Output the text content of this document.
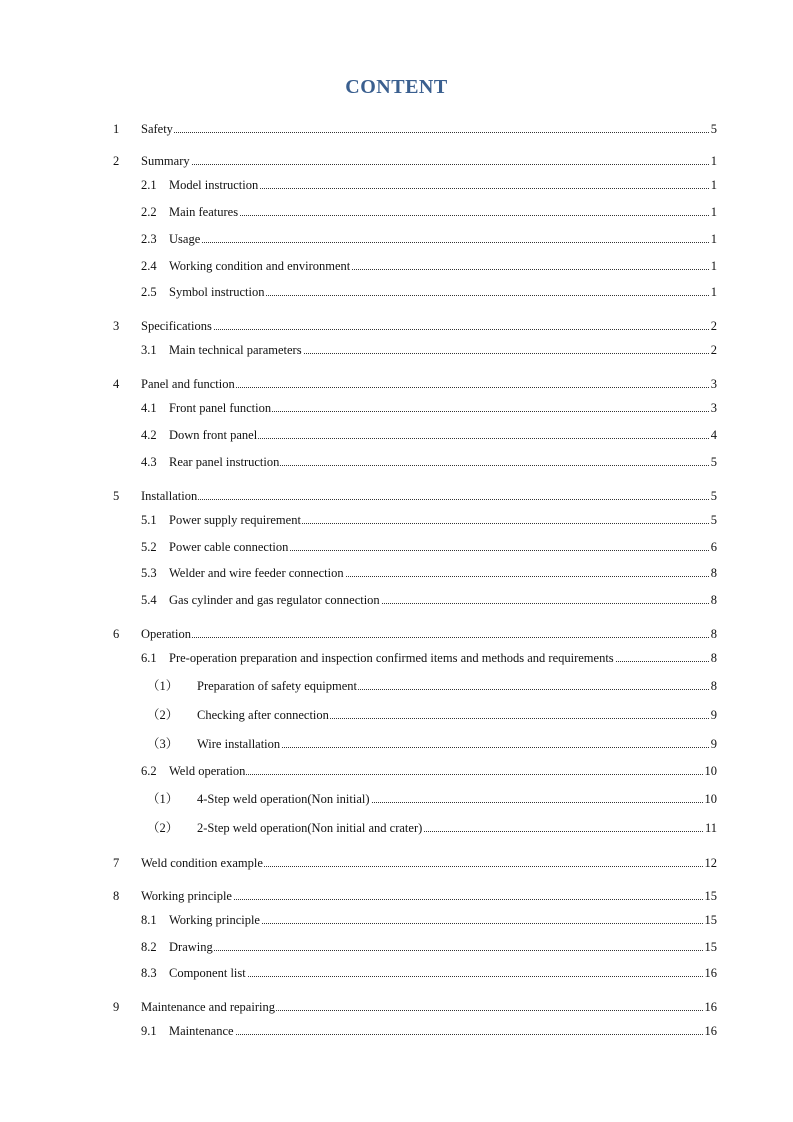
CONTENT
1 Safety	5
2 Summary	1
2.1 Model instruction	1
2.2 Main features	1
2.3 Usage	1
2.4 Working condition and environment	1
2.5 Symbol instruction	1
3 Specifications	2
3.1 Main technical parameters	2
4 Panel and function	3
4.1 Front panel function	3
4.2 Down front panel	4
4.3 Rear panel instruction	5
5 Installation	5
5.1 Power supply requirement	5
5.2 Power cable connection	6
5.3 Welder and wire feeder connection	8
5.4 Gas cylinder and gas regulator connection	8
6 Operation	8
6.1 Pre-operation preparation and inspection confirmed items and methods and requirements	8
（1） Preparation of safety equipment	8
（2） Checking after connection	9
（3） Wire installation	9
6.2 Weld operation	10
（1） 4-Step weld operation(Non initial)	10
（2） 2-Step weld operation(Non initial and crater)	11
7 Weld condition example	12
8 Working principle	15
8.1 Working principle	15
8.2 Drawing	15
8.3 Component list	16
9 Maintenance and repairing	16
9.1 Maintenance	16
